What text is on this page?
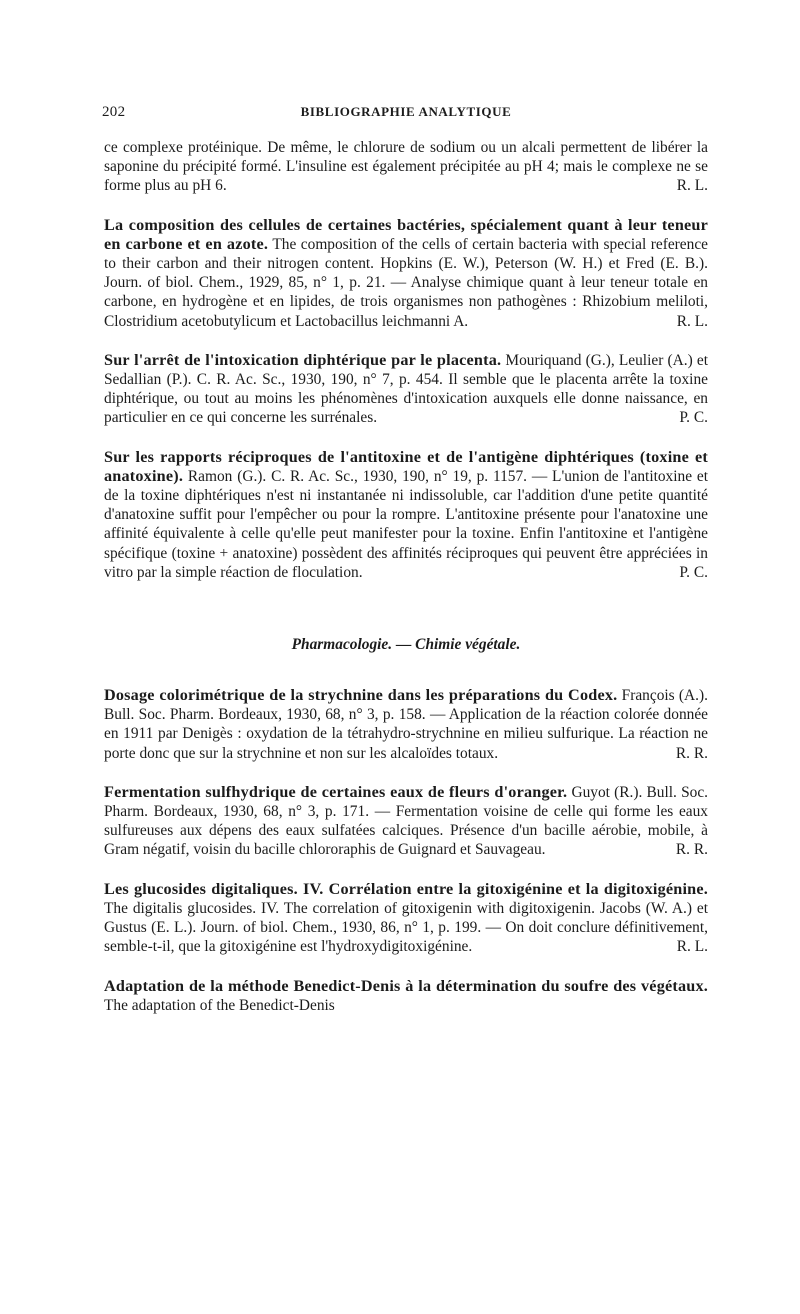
202	BIBLIOGRAPHIE ANALYTIQUE

ce complexe protéinique. De même, le chlorure de sodium ou un alcali permettent de libérer la saponine du précipité formé. L'insuline est également précipitée au pH 4; mais le complexe ne se forme plus au pH 6.	R. L.

La composition des cellules de certaines bactéries, spécialement quant à leur teneur en carbone et en azote. The composition of the cells of certain bacteria with special reference to their carbon and their nitrogen content. Hopkins (E. W.), Peterson (W. H.) et Fred (E. B.). Journ. of biol. Chem., 1929, 85, n° 1, p. 21. — Analyse chimique quant à leur teneur totale en carbone, en hydrogène et en lipides, de trois organismes non pathogènes : Rhizobium meliloti, Clostridium acetobutylicum et Lactobacillus leichmanni A.	R. L.

Sur l'arrêt de l'intoxication diphtérique par le placenta. Mouriquand (G.), Leulier (A.) et Sedallian (P.). C. R. Ac. Sc., 1930, 190, n° 7, p. 454. Il semble que le placenta arrête la toxine diphtérique, ou tout au moins les phénomènes d'intoxication auxquels elle donne naissance, en particulier en ce qui concerne les surrénales.	P. C.

Sur les rapports réciproques de l'antitoxine et de l'antigène diphtériques (toxine et anatoxine). Ramon (G.). C. R. Ac. Sc., 1930, 190, n° 19, p. 1157. — L'union de l'antitoxine et de la toxine diphtériques n'est ni instantanée ni indissoluble, car l'addition d'une petite quantité d'anatoxine suffit pour l'empêcher ou pour la rompre. L'antitoxine présente pour l'anatoxine une affinité équivalente à celle qu'elle peut manifester pour la toxine. Enfin l'antitoxine et l'antigène spécifique (toxine + anatoxine) possèdent des affinités réciproques qui peuvent être appréciées in vitro par la simple réaction de floculation.	P. C.

Pharmacologie. — Chimie végétale.

Dosage colorimétrique de la strychnine dans les préparations du Codex. François (A.). Bull. Soc. Pharm. Bordeaux, 1930, 68, n° 3, p. 158. — Application de la réaction colorée donnée en 1911 par Denigès : oxydation de la tétrahydro-strychnine en milieu sulfurique. La réaction ne porte donc que sur la strychnine et non sur les alcaloïdes totaux.	R. R.

Fermentation sulfhydrique de certaines eaux de fleurs d'oranger. Guyot (R.). Bull. Soc. Pharm. Bordeaux, 1930, 68, n° 3, p. 171. — Fermentation voisine de celle qui forme les eaux sulfureuses aux dépens des eaux sulfatées calciques. Présence d'un bacille aérobie, mobile, à Gram négatif, voisin du bacille chlororaphis de Guignard et Sauvageau.	R. R.

Les glucosides digitaliques. IV. Corrélation entre la gitoxigénine et la digitoxigénine. The digitalis glucosides. IV. The correlation of gitoxigenin with digitoxigenin. Jacobs (W. A.) et Gustus (E. L.). Journ. of biol. Chem., 1930, 86, n° 1, p. 199. — On doit conclure définitivement, semble-t-il, que la gitoxigénine est l'hydroxydigitoxigénine.	R. L.

Adaptation de la méthode Benedict-Denis à la détermination du soufre des végétaux. The adaptation of the Benedict-Denis
